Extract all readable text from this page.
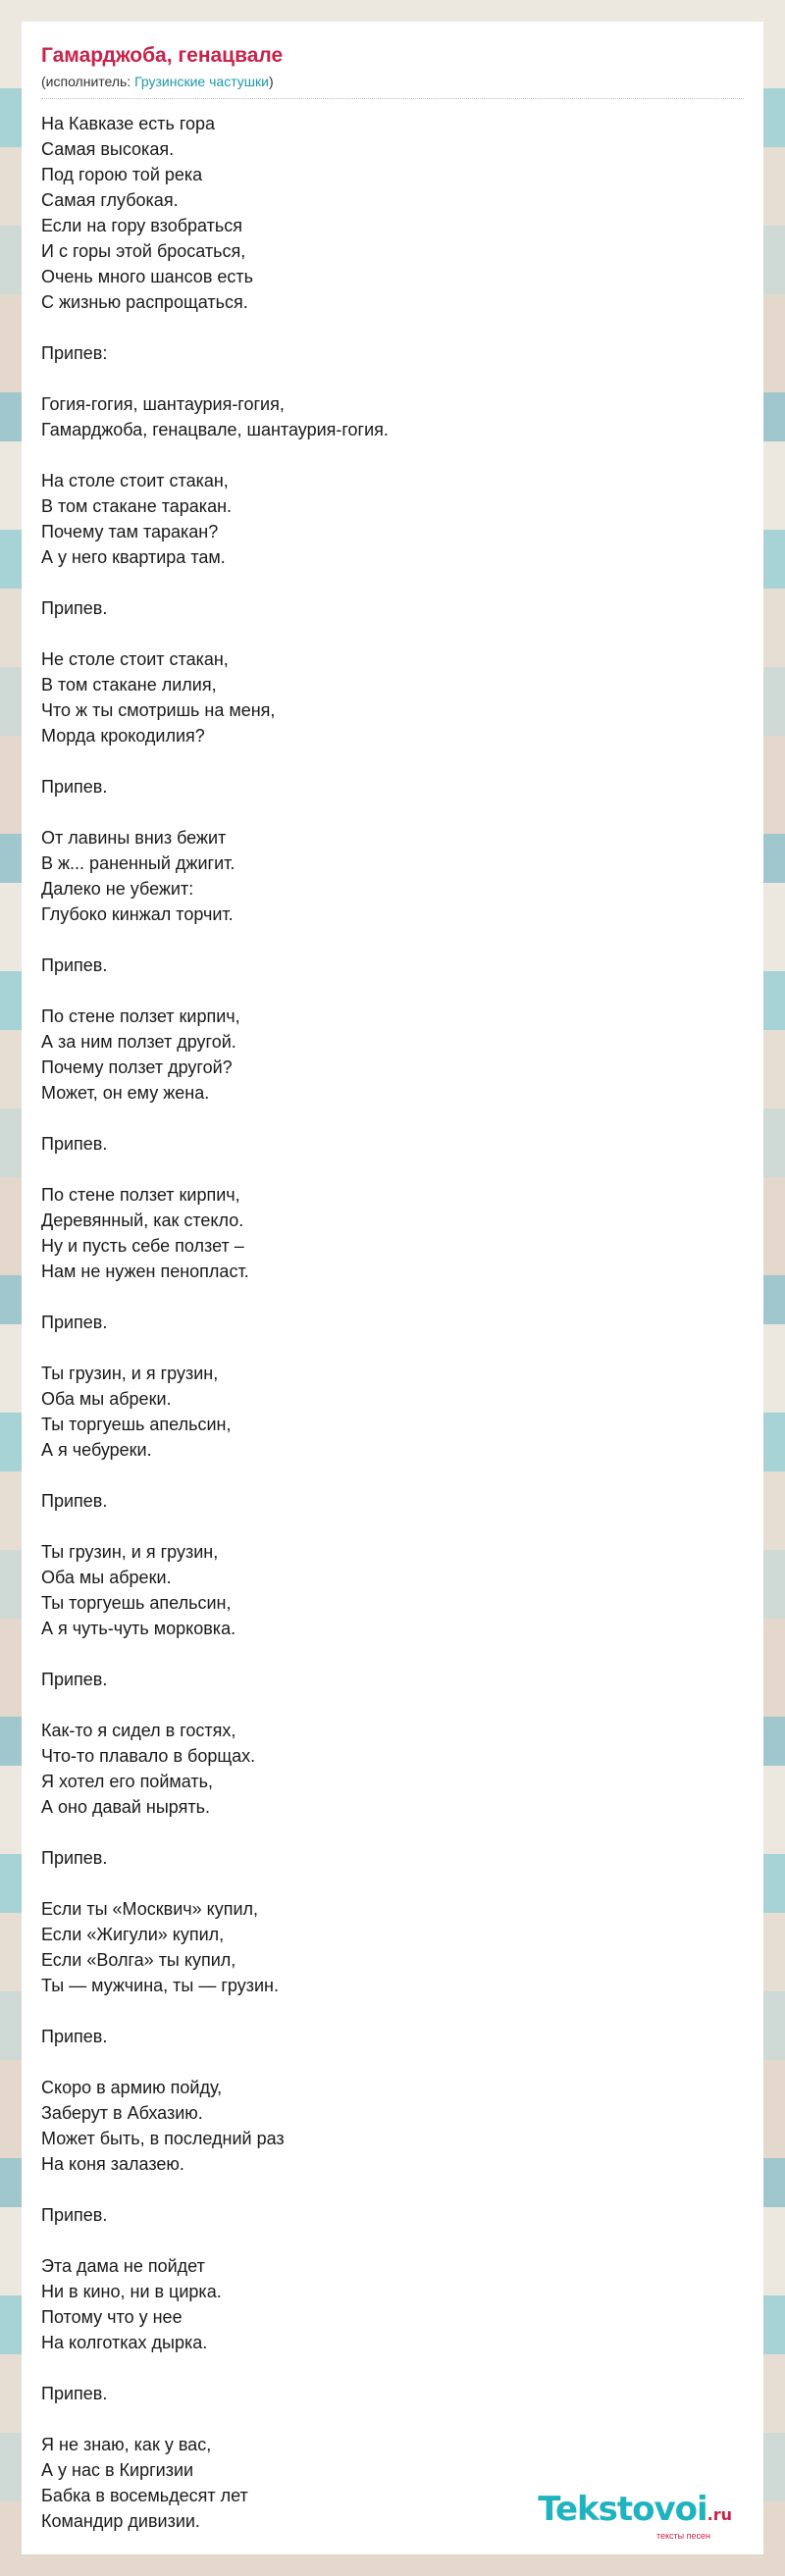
Гамарджоба, генацвале
(исполнитель: Грузинские частушки)
На Кавказе есть гора
Самая высокая.
Под горою той река
Самая глубокая.
Если на гору взобраться
И с горы этой бросаться,
Очень много шансов есть
С жизнью распрощаться.

Припев:

Гогия-гогия, шантаурия-гогия,
Гамарджоба, генацвале, шантаурия-гогия.

На столе стоит стакан,
В том стакане таракан.
Почему там таракан?
А у него квартира там.

Припев.

Не столе стоит стакан,
В том стакане лилия,
Что ж ты смотришь на меня,
Морда крокодилия?

Припев.

От лавины вниз бежит
В ж... раненный джигит.
Далеко не убежит:
Глубоко кинжал торчит.

Припев.

По стене ползет кирпич,
А за ним ползет другой.
Почему ползет другой?
Может, он ему жена.

Припев.

По стене ползет кирпич,
Деревянный, как стекло.
Ну и пусть себе ползет –
Нам не нужен пенопласт.

Припев.

Ты грузин, и я грузин,
Оба мы абреки.
Ты торгуешь апельсин,
А я чебуреки.

Припев.

Ты грузин, и я грузин,
Оба мы абреки.
Ты торгуешь апельсин,
А я чуть-чуть морковка.

Припев.

Как-то я сидел в гостях,
Что-то плавало в борщах.
Я хотел его поймать,
А оно давай нырять.

Припев.

Если ты «Москвич» купил,
Если «Жигули» купил,
Если «Волга» ты купил,
Ты — мужчина, ты — грузин.

Припев.

Скоро в армию пойду,
Заберут в Абхазию.
Может быть, в последний раз
На коня залазею.

Припев.

Эта дама не пойдет
Ни в кино, ни в цирка.
Потому что у нее
На колготках дырка.

Припев.

Я не знаю, как у вас,
А у нас в Киргизии
Бабка в восемьдесят лет
Командир дивизии.	Tekstovoi.ru
тексты песен
